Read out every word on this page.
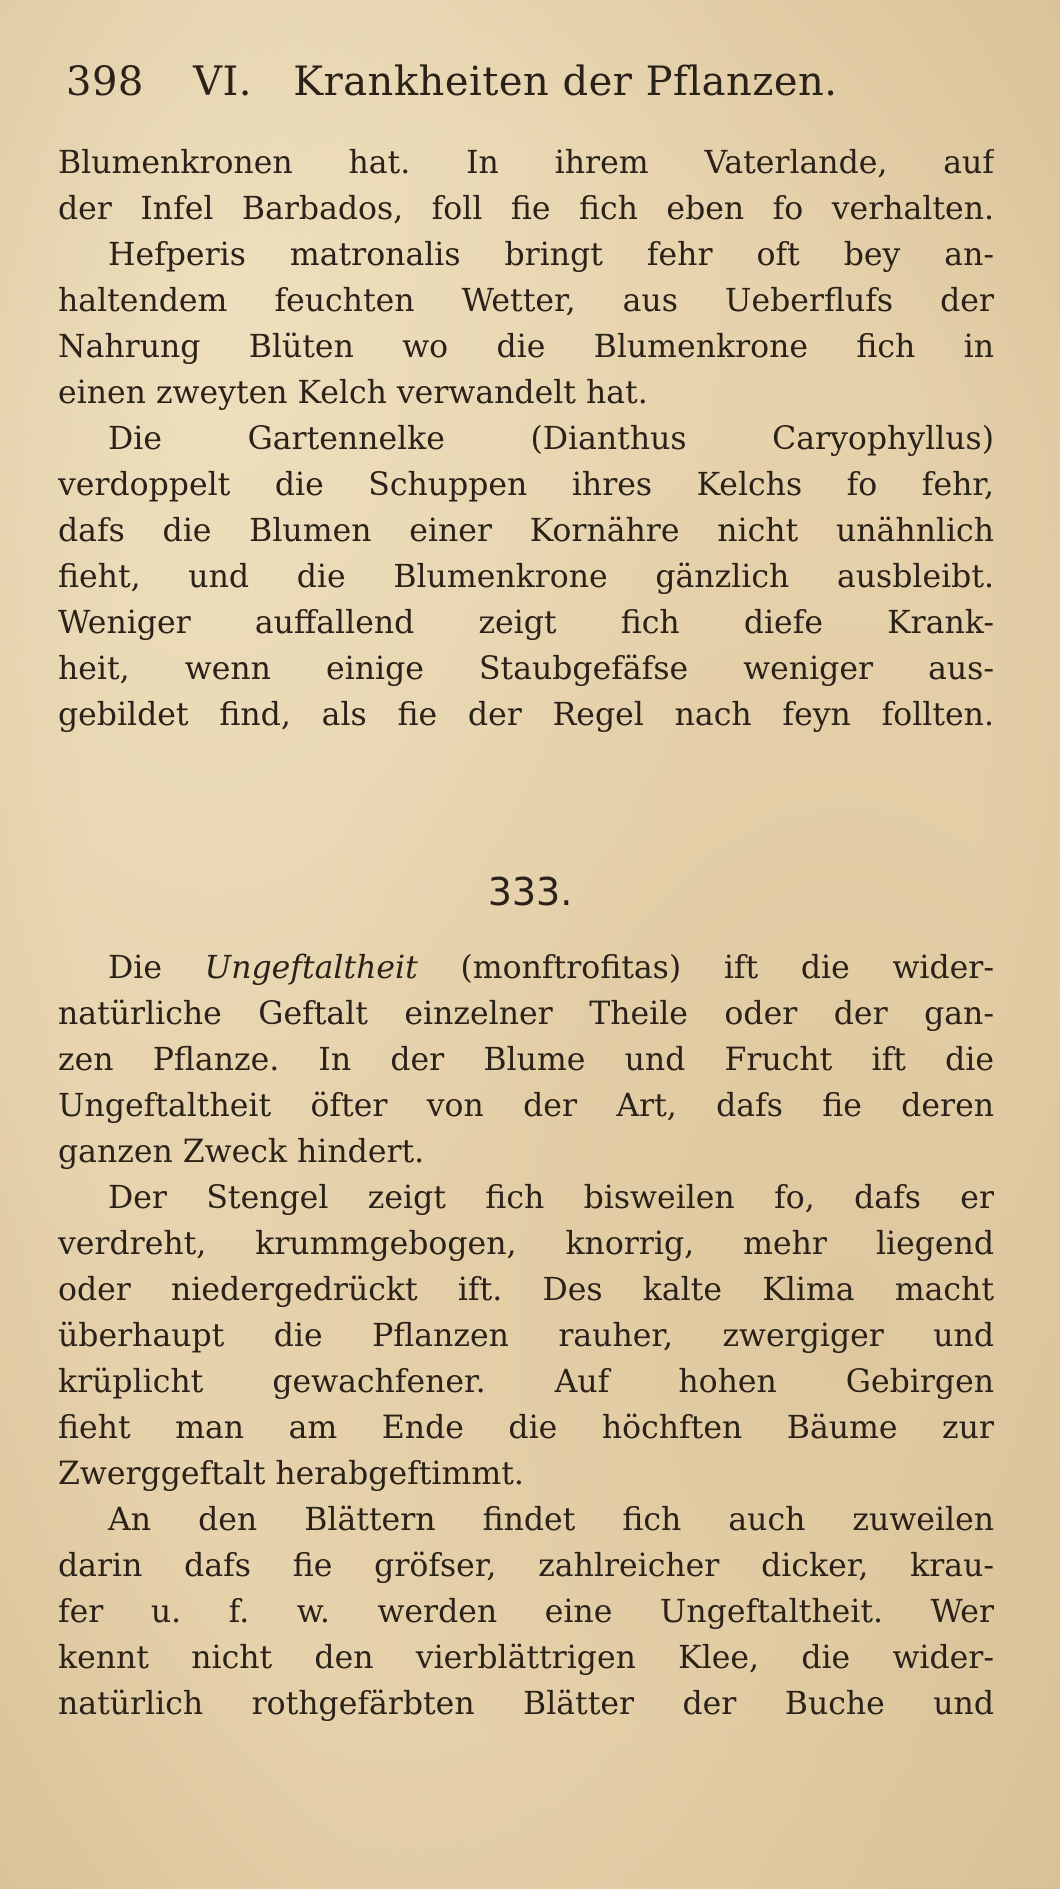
398 VI. Krankheiten der Pflanzen.
Blumenkronen hat. In ihrem Vaterlande, auf
der Infel Barbados, foll fie fich eben fo verhalten.
Hefperis matronalis bringt fehr oft bey an-
haltendem feuchten Wetter, aus Ueberflufs der
Nahrung Blüten wo die Blumenkrone fich in
einen zweyten Kelch verwandelt hat.
Die Gartennelke (Dianthus Caryophyllus)
verdoppelt die Schuppen ihres Kelchs fo fehr,
dafs die Blumen einer Kornähre nicht unähnlich
fieht, und die Blumenkrone gänzlich ausbleibt.
Weniger auffallend zeigt fich diefe Krank-
heit, wenn einige Staubgefäfse weniger aus-
gebildet find, als fie der Regel nach feyn follten.
333.
Die Ungeftaltheit (monftrofitas) ift die wider-
natürliche Geftalt einzelner Theile oder der gan-
zen Pflanze. In der Blume und Frucht ift die
Ungeftaltheit öfter von der Art, dafs fie deren
ganzen Zweck hindert.
Der Stengel zeigt fich bisweilen fo, dafs er
verdreht, krummgebogen, knorrig, mehr liegend
oder niedergedrückt ift. Des kalte Klima macht
überhaupt die Pflanzen rauher, zwergiger und
krüplicht gewachfener. Auf hohen Gebirgen
fieht man am Ende die höchften Bäume zur
Zwerggeftalt herabgeftimmt.
An den Blättern findet fich auch zuweilen
darin dafs fie gröfser, zahlreicher dicker, krau-
fer u. f. w. werden eine Ungeftaltheit. Wer
kennt nicht den vierblättrigen Klee, die wider-
natürlich rothgefärbten Blätter der Buche und
